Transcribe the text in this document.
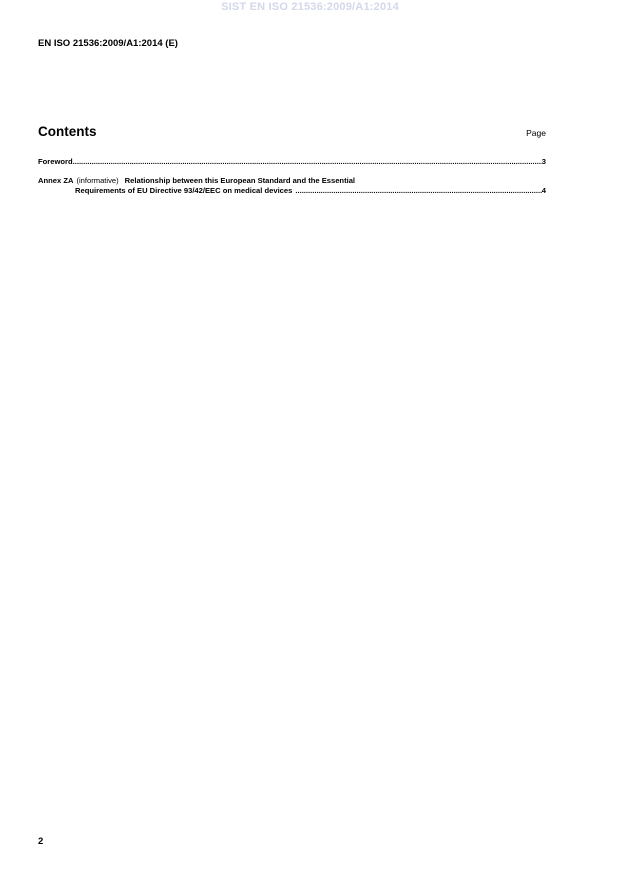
SIST EN ISO 21536:2009/A1:2014
EN ISO 21536:2009/A1:2014 (E)
Contents	Page
Foreword .....	3
Annex ZA (informative) Relationship between this European Standard and the Essential
Requirements of EU Directive 93/42/EEC on medical devices .....	4
2
